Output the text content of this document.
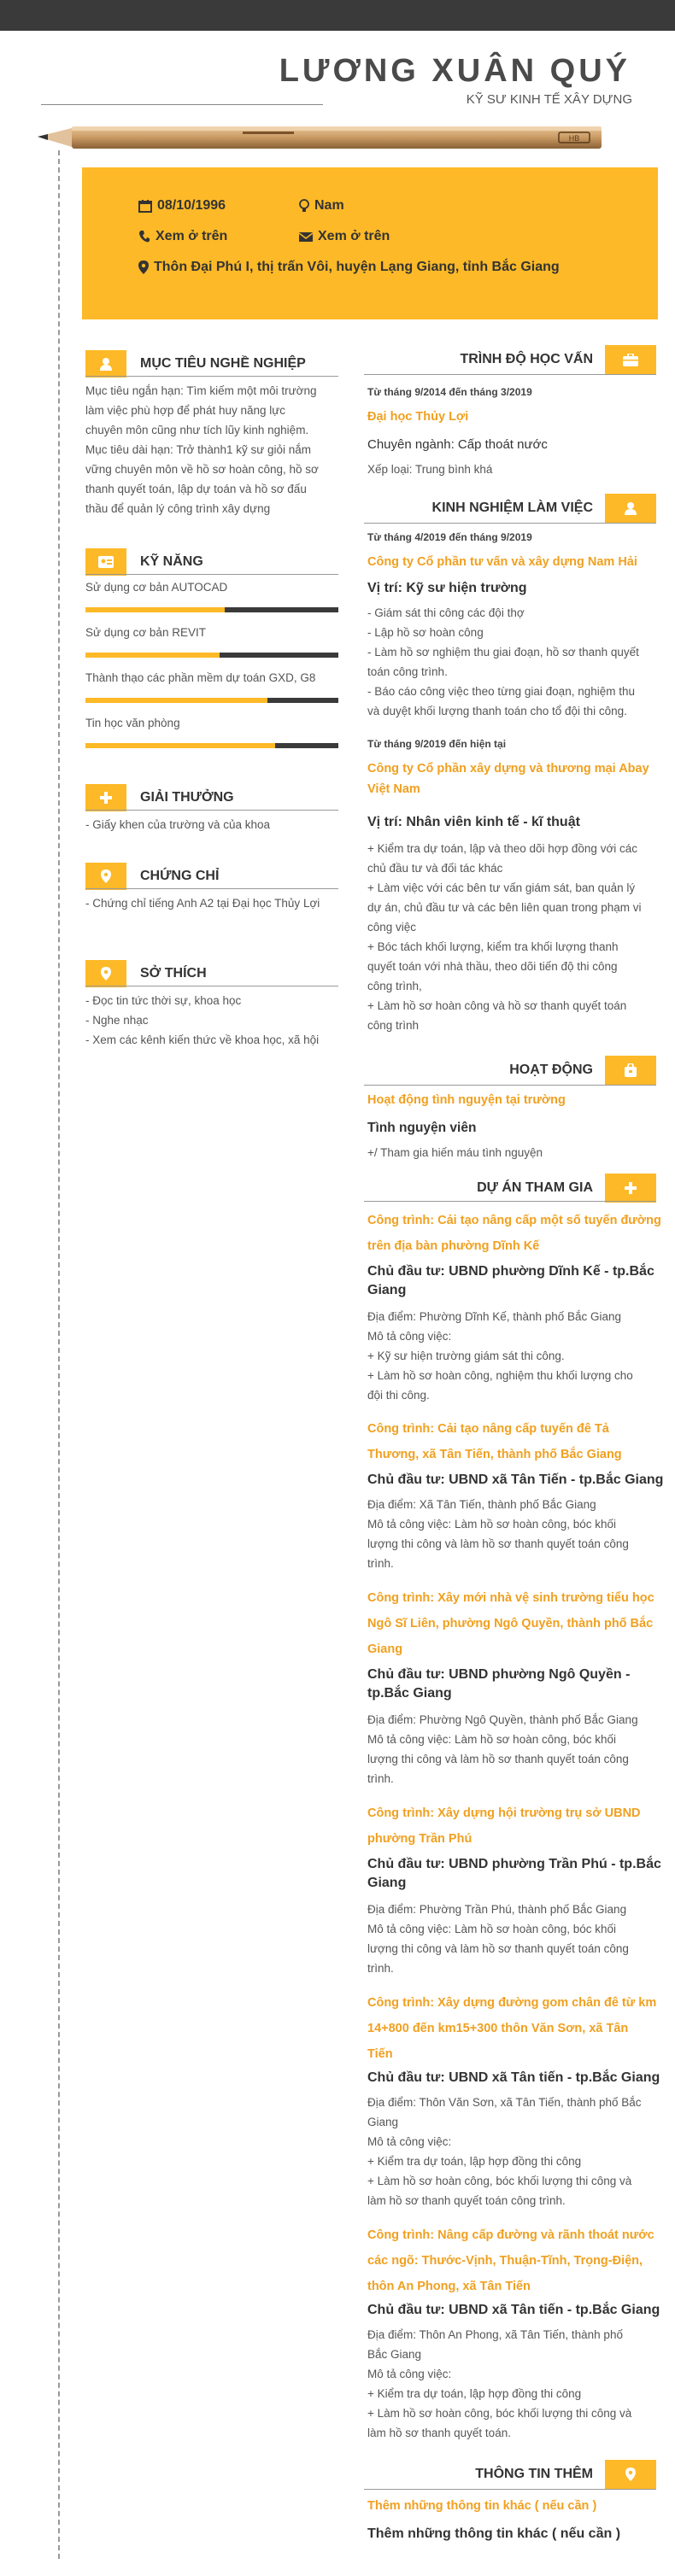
LƯƠNG XUÂN QUÝ
KỸ SƯ KINH TẾ XÂY DỰNG
HB
08/10/1996	Nam
Xem ở trên	Xem ở trên
Thôn Đại Phú I, thị trấn Vôi, huyện Lạng Giang, tỉnh Bắc Giang
MỤC TIÊU NGHỀ NGHIỆP
Mục tiêu ngắn hạn: Tìm kiếm một môi trường
làm việc phù hợp để phát huy năng lực
chuyên môn cũng như tích lũy kinh nghiệm.
Mục tiêu dài hạn: Trở thành1 kỹ sư giỏi nắm
vững chuyên môn về hồ sơ hoàn công, hồ sơ
thanh quyết toán, lập dự toán và hồ sơ đấu
thầu để quản lý công trình xây dựng
KỸ NĂNG
Sử dụng cơ bản AUTOCAD
Sử dụng cơ bản REVIT
Thành thạo các phần mềm dự toán GXD, G8
Tin học văn phòng
GIẢI THƯỞNG
- Giấy khen của trường và của khoa
CHỨNG CHỈ
- Chứng chỉ tiếng Anh A2 tại Đại học Thủy Lợi
SỞ THÍCH
- Đọc tin tức thời sự, khoa học
- Nghe nhạc
- Xem các kênh kiến thức về khoa học, xã hội
TRÌNH ĐỘ HỌC VẤN
Từ tháng 9/2014 đến tháng 3/2019
Đại học Thủy Lợi
Chuyên ngành: Cấp thoát nước
Xếp loại: Trung bình khá
KINH NGHIỆM LÀM VIỆC
Từ tháng 4/2019 đến tháng 9/2019
Công ty Cổ phần tư vấn và xây dựng Nam Hải
Vị trí: Kỹ sư hiện trường
- Giám sát thi công các đội thợ
- Lập hồ sơ hoàn công
- Làm hồ sơ nghiệm thu giai đoạn, hồ sơ thanh quyết
toán công trình.
- Báo cáo công việc theo từng giai đoạn, nghiệm thu
và duyệt khối lượng thanh toán cho tổ đội thi công.
Từ tháng 9/2019 đến hiện tại
Công ty Cổ phần xây dựng và thương mại Abay
Việt Nam
Vị trí: Nhân viên kinh tế - kĩ thuật
+ Kiểm tra dự toán, lập và theo dõi hợp đồng với các
chủ đầu tư và đối tác khác
+ Làm việc với các bên tư vấn giám sát, ban quản lý
dự án, chủ đầu tư và các bên liên quan trong phạm vi
công việc
+ Bóc tách khối lượng, kiểm tra khối lượng thanh
quyết toán với nhà thầu, theo dõi tiến độ thi công
công trình,
+ Làm hồ sơ hoàn công và hồ sơ thanh quyết toán
công trình
HOẠT ĐỘNG
Hoạt động tình nguyện tại trường
Tình nguyện viên
+/ Tham gia hiến máu tình nguyện
DỰ ÁN THAM GIA
Công trình: Cải tạo nâng cấp một số tuyến đường
trên địa bàn phường Dĩnh Kế
Chủ đầu tư: UBND phường Dĩnh Kế - tp.Bắc
Giang
Địa điểm: Phường Dĩnh Kế, thành phố Bắc Giang
Mô tả công việc:
+ Kỹ sư hiện trường giám sát thi công.
+ Làm hồ sơ hoàn công, nghiệm thu khối lượng cho
đội thi công.
Công trình: Cải tạo nâng cấp tuyến đê Tả
Thương, xã Tân Tiến, thành phố Bắc Giang
Chủ đầu tư: UBND xã Tân Tiến - tp.Bắc Giang
Địa điểm: Xã Tân Tiến, thành phố Bắc Giang
Mô tả công việc: Làm hồ sơ hoàn công, bóc khối
lượng thi công và làm hồ sơ thanh quyết toán công
trình.
Công trình: Xây mới nhà vệ sinh trường tiểu học
Ngô Sĩ Liên, phường Ngô Quyền, thành phố Bắc
Giang
Chủ đầu tư: UBND phường Ngô Quyền -
tp.Bắc Giang
Địa điểm: Phường Ngô Quyền, thành phố Bắc Giang
Mô tả công việc: Làm hồ sơ hoàn công, bóc khối
lượng thi công và làm hồ sơ thanh quyết toán công
trình.
Công trình: Xây dựng hội trường trụ sở UBND
phường Trần Phú
Chủ đầu tư: UBND phường Trần Phú - tp.Bắc
Giang
Địa điểm: Phường Trần Phú, thành phố Bắc Giang
Mô tả công việc: Làm hồ sơ hoàn công, bóc khối
lượng thi công và làm hồ sơ thanh quyết toán công
trình.
Công trình: Xây dựng đường gom chân đê từ km
14+800 đến km15+300 thôn Văn Sơn, xã Tân
Tiến
Chủ đầu tư: UBND xã Tân tiến - tp.Bắc Giang
Địa điểm: Thôn Văn Sơn, xã Tân Tiến, thành phố Bắc
Giang
Mô tả công việc:
+ Kiểm tra dự toán, lập hợp đồng thi công
+ Làm hồ sơ hoàn công, bóc khối lượng thi công và
làm hồ sơ thanh quyết toán công trình.
Công trình: Nâng cấp đường và rãnh thoát nước
các ngõ: Thước-Vịnh, Thuận-Tĩnh, Trọng-Điện,
thôn An Phong, xã Tân Tiến
Chủ đầu tư: UBND xã Tân tiến - tp.Bắc Giang
Địa điểm: Thôn An Phong, xã Tân Tiến, thành phố
Bắc Giang
Mô tả công việc:
+ Kiểm tra dự toán, lập hợp đồng thi công
+ Làm hồ sơ hoàn công, bóc khối lượng thi công và
làm hồ sơ thanh quyết toán.
THÔNG TIN THÊM
Thêm những thông tin khác ( nếu cần )
Thêm những thông tin khác ( nếu cần )
